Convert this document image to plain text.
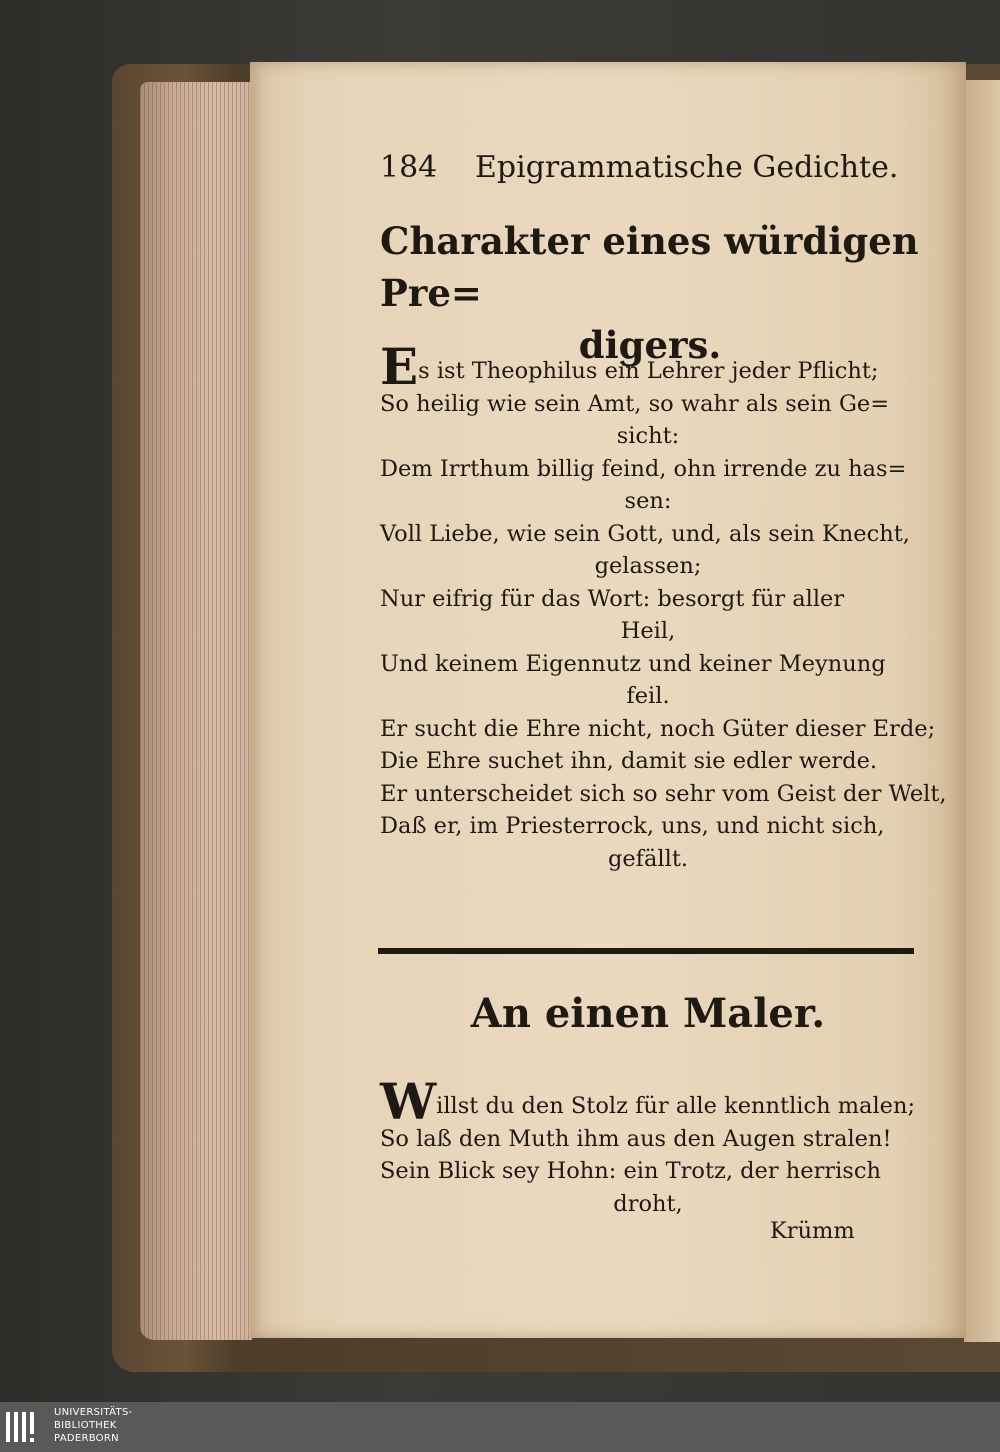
184 Epigrammatische Gedichte.
Charakter eines würdigen Pre=
digers.
Es ist Theophilus ein Lehrer jeder Pflicht;
So heilig wie sein Amt, so wahr als sein Ge=
sicht:
Dem Irrthum billig feind, ohn irrende zu has=
sen:
Voll Liebe, wie sein Gott, und, als sein Knecht,
gelassen;
Nur eifrig für das Wort: besorgt für aller
Heil,
Und keinem Eigennutz und keiner Meynung
feil.
Er sucht die Ehre nicht, noch Güter dieser Erde;
Die Ehre suchet ihn, damit sie edler werde.
Er unterscheidet sich so sehr vom Geist der Welt,
Daß er, im Priesterrock, uns, und nicht sich,
gefällt.
An einen Maler.
Willst du den Stolz für alle kenntlich malen;
So laß den Muth ihm aus den Augen stralen!
Sein Blick sey Hohn: ein Trotz, der herrisch
droht,
Krümm
UNIVERSITÄTS-
BIBLIOTHEK
PADERBORN
